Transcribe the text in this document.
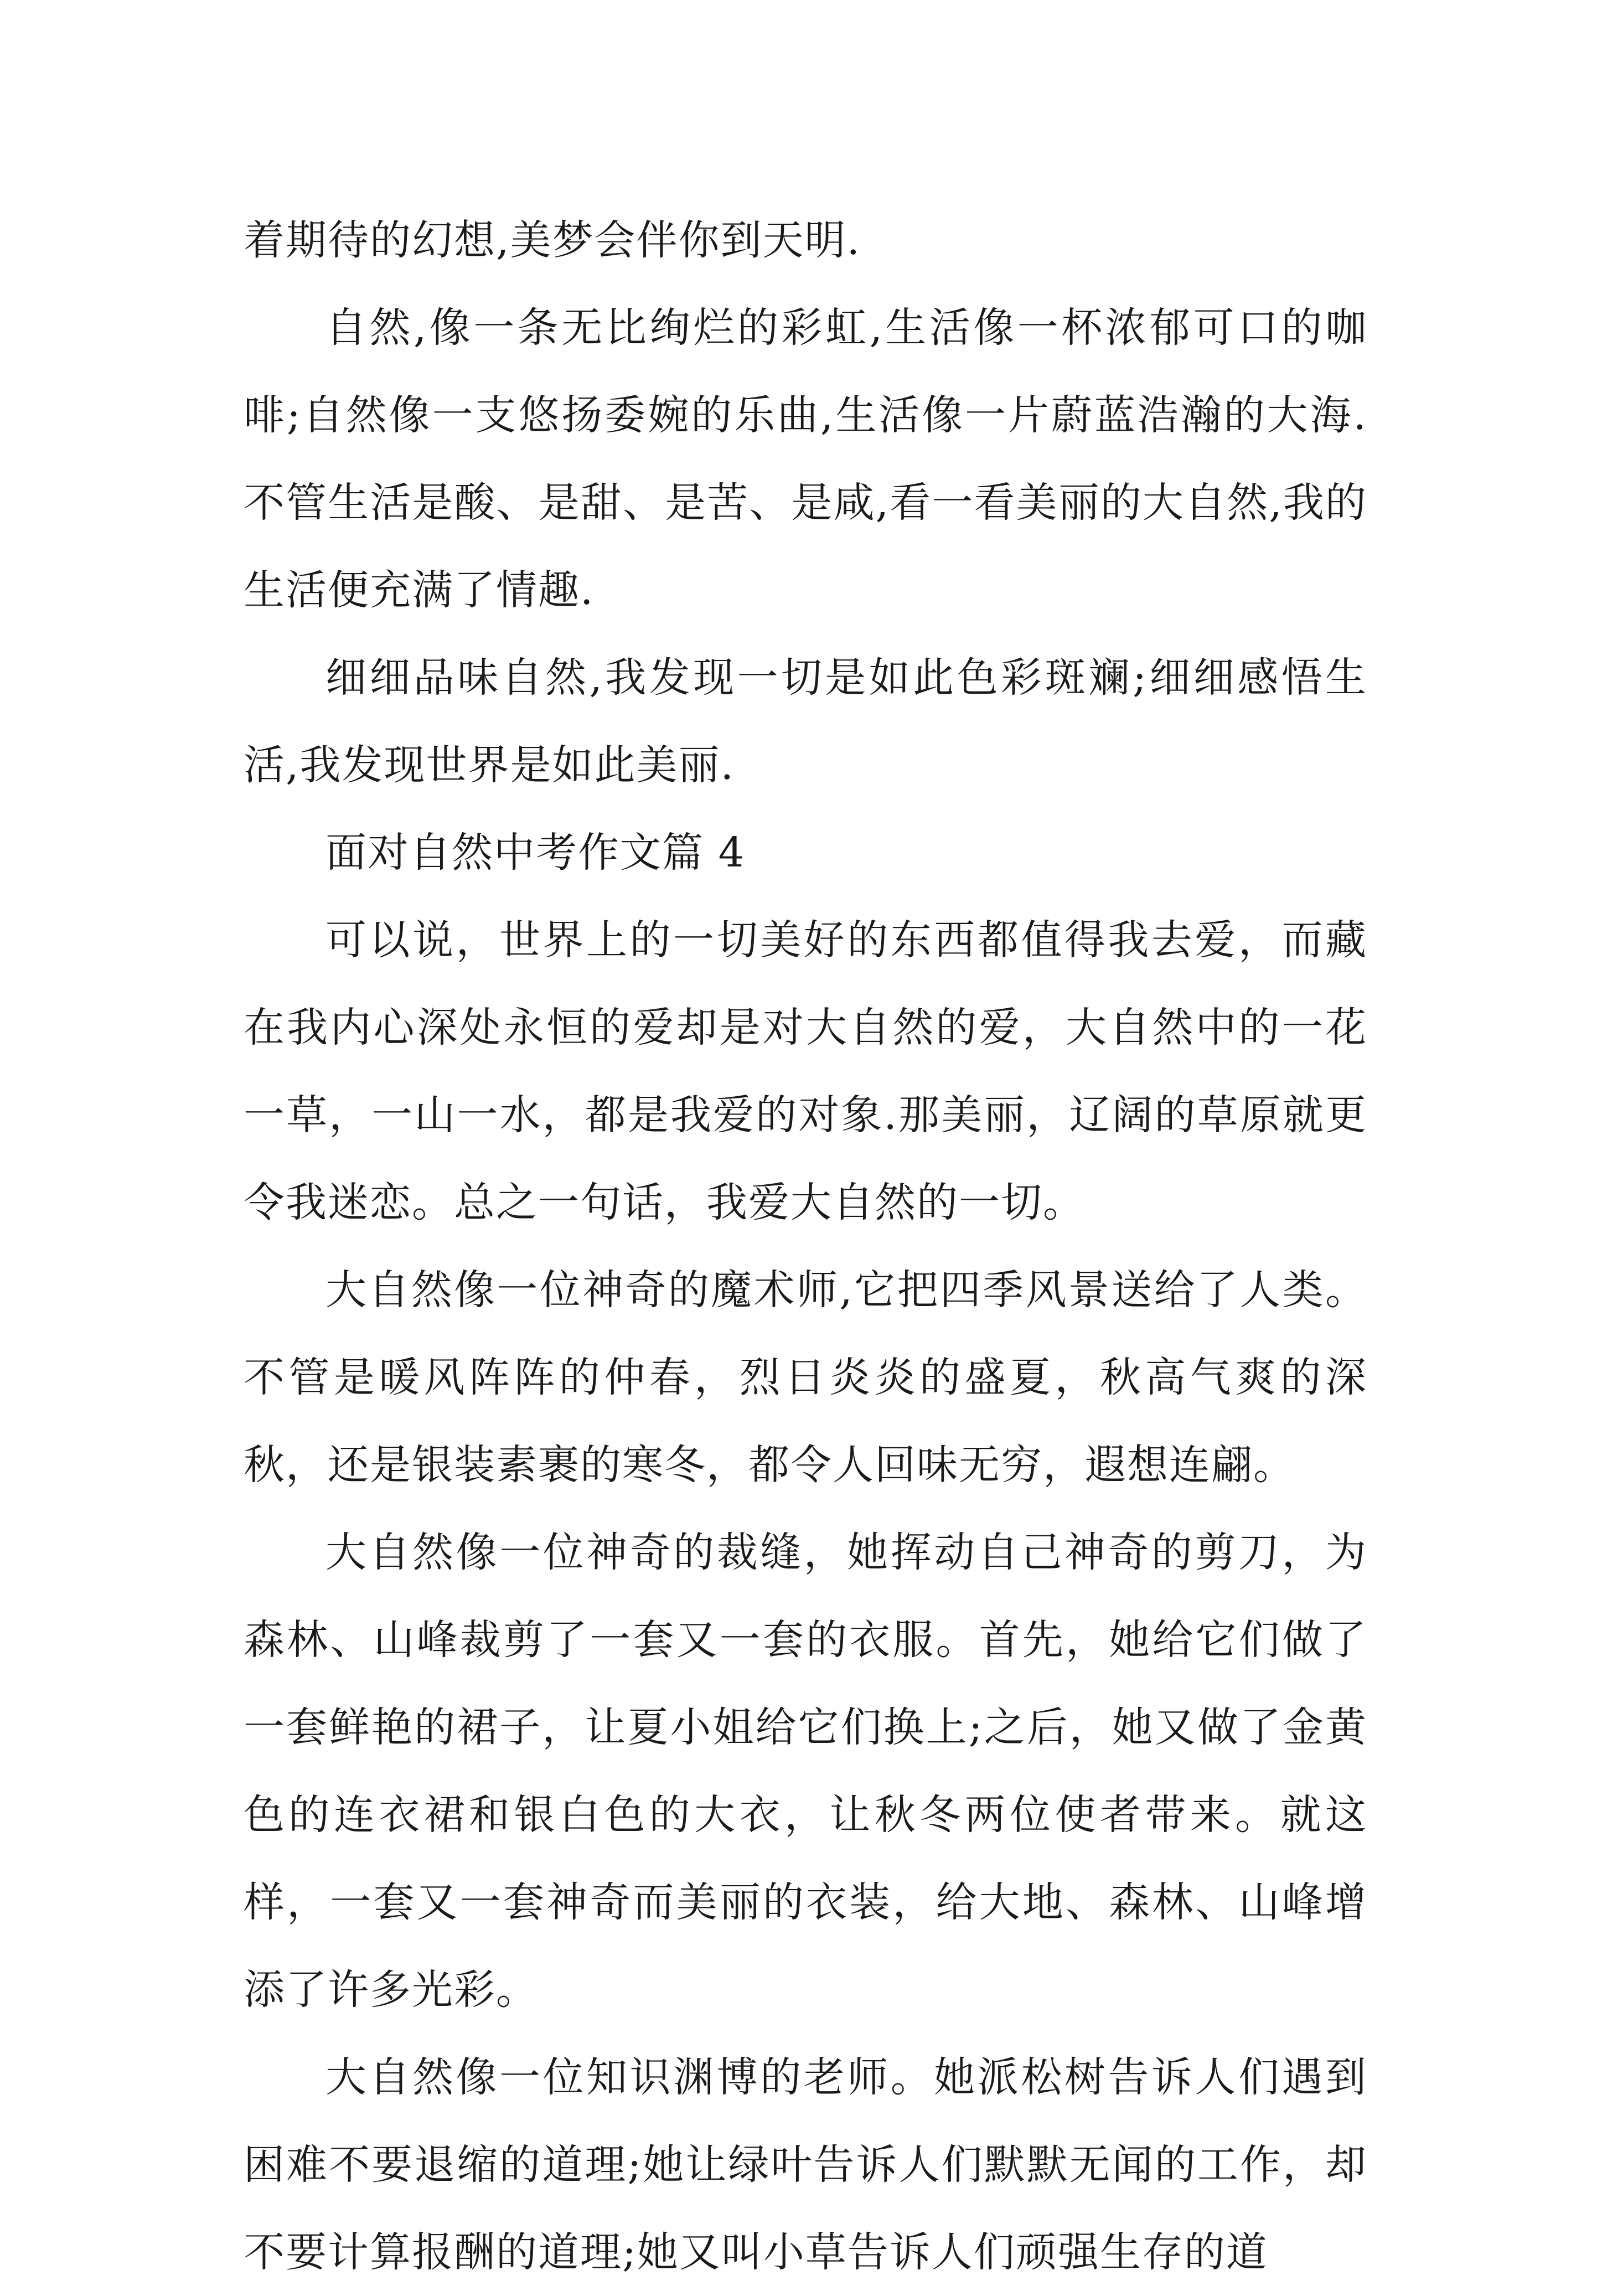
着期待的幻想,美梦会伴你到天明.

自然,像一条无比绚烂的彩虹,生活像一杯浓郁可口的咖啡;自然像一支悠扬委婉的乐曲,生活像一片蔚蓝浩瀚的大海.不管生活是酸、是甜、是苦、是咸,看一看美丽的大自然,我的生活便充满了情趣.

细细品味自然,我发现一切是如此色彩斑斓;细细感悟生活,我发现世界是如此美丽.

面对自然中考作文篇 4

可以说，世界上的一切美好的东西都值得我去爱，而藏在我内心深处永恒的爱却是对大自然的爱，大自然中的一花一草，一山一水，都是我爱的对象.那美丽，辽阔的草原就更令我迷恋。总之一句话，我爱大自然的一切。

大自然像一位神奇的魔术师,它把四季风景送给了人类。不管是暖风阵阵的仲春，烈日炎炎的盛夏，秋高气爽的深秋，还是银装素裹的寒冬，都令人回味无穷，遐想连翩。

大自然像一位神奇的裁缝，她挥动自己神奇的剪刀，为森林、山峰裁剪了一套又一套的衣服。首先，她给它们做了一套鲜艳的裙子，让夏小姐给它们换上;之后，她又做了金黄色的连衣裙和银白色的大衣，让秋冬两位使者带来。就这样，一套又一套神奇而美丽的衣装，给大地、森林、山峰增添了许多光彩。

大自然像一位知识渊博的老师。她派松树告诉人们遇到困难不要退缩的道理;她让绿叶告诉人们默默无闻的工作，却不要计算报酬的道理;她又叫小草告诉人们顽强生存的道
